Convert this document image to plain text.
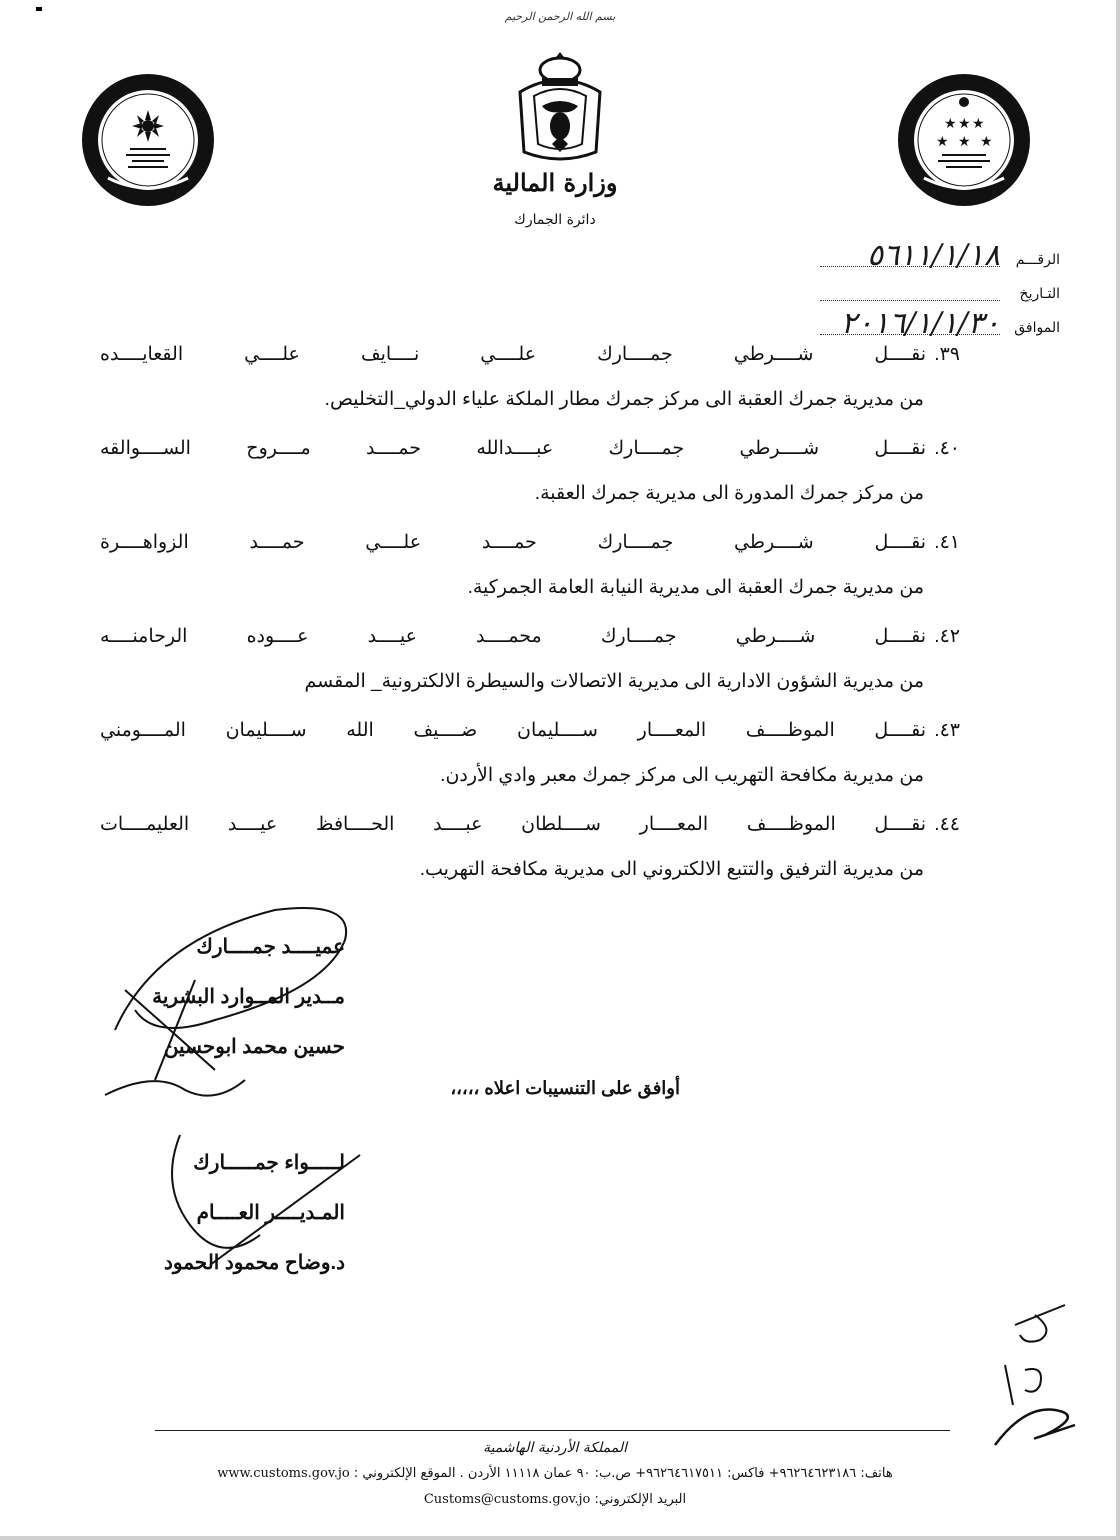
بسم الله الرحمن الرحيم
وزارة المالية
دائرة الجمارك
★ ★ ★
★ ★ ★
الرقـــم
٥٦١١/١/١٨
التـاريخ
الموافق
٢٠١٦/١/١/٣٠
٣٩.نقــــل شــــرطي جمــــارك علــــي نــــايف علــــي القعايــــده
من مديرية جمرك العقبة الى مركز جمرك مطار الملكة علياء الدولي_التخليص.
٤٠.نقــــل شــــرطي جمــــارك عبــــدالله حمــــد مــــروح الســــوالقه
من مركز جمرك المدورة الى مديرية جمرك العقبة.
٤١.نقــــل شــــرطي جمــــارك حمــــد علــــي حمــــد الزواهــــرة
من مديرية جمرك العقبة الى مديرية النيابة العامة الجمركية.
٤٢.نقــــل شــــرطي جمــــارك محمــــد عيــــد عــــوده الرحامنــــه
من مديرية الشؤون الادارية الى مديرية الاتصالات والسيطرة الالكترونية_ المقسم
٤٣.نقــــل الموظــــف المعــــار ســــليمان ضــــيف الله ســــليمان المــــومني
من مديرية مكافحة التهريب الى مركز جمرك معبر وادي الأردن.
٤٤.نقــــل الموظــــف المعــــار ســــلطان عبــــد الحــــافظ عيــــد العليمــــات
من مديرية الترفيق والتتبع الالكتروني الى مديرية مكافحة التهريب.
عميــــد جمــــارك
مــدير المــوارد البشرية
حسين محمد ابوحسين
أوافق على التنسيبات اعلاه ،،،،،
لـــــواء جمـــــارك
المـديــــر العــــام
د.وضاح محمود الحمود
المملكة الأردنية الهاشمية
هاتف: ٩٦٢٦٤٦٢٣١٨٦+ فاكس: ٩٦٢٦٤٦١٧٥١١+ ص.ب: ٩٠ عمان ١١١١٨ الأردن . الموقع الإلكتروني : www.customs.gov.jo
البريد الإلكتروني: Customs@customs.gov.jo
